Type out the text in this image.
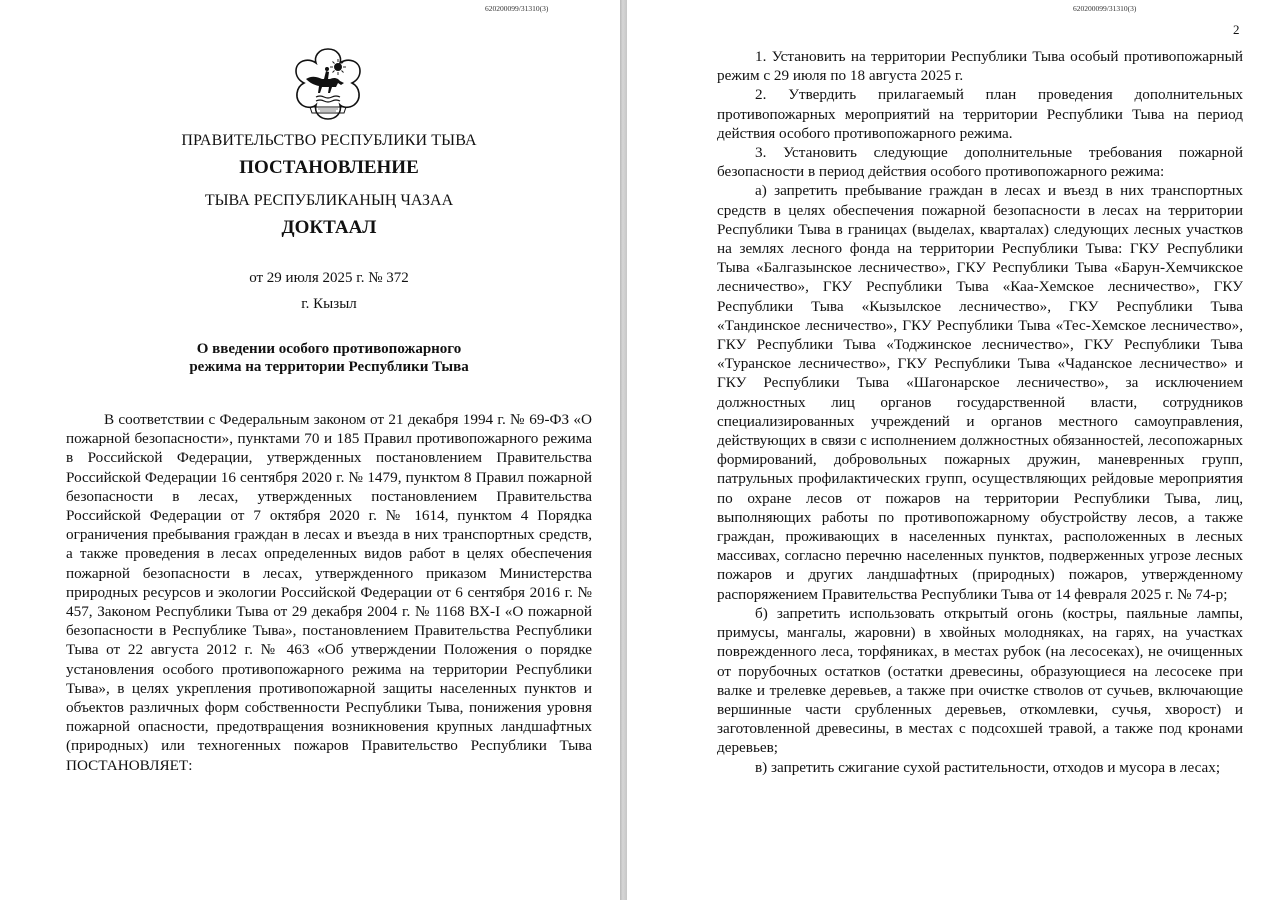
620200099/31310(3)
ПРАВИТЕЛЬСТВО РЕСПУБЛИКИ ТЫВА
ПОСТАНОВЛЕНИЕ
ТЫВА РЕСПУБЛИКАНЫҢ ЧАЗАА
ДОКТААЛ
от 29 июля 2025 г. № 372
г. Кызыл
О введении особого противопожарного
режима на территории Республики Тыва
В соответствии с Федеральным законом от 21 декабря 1994 г. № 69-ФЗ «О пожарной безопасности», пунктами 70 и 185 Правил противопожарного режима в Российской Федерации, утвержденных постановлением Правительства Российской Федерации 16 сентября 2020 г. № 1479, пунктом 8 Правил пожарной безопасности в лесах, утвержденных постановлением Правительства Российской Федерации от 7 октября 2020 г. № 1614, пунктом 4 Порядка ограничения пребывания граждан в лесах и въезда в них транспортных средств, а также проведения в лесах определенных видов работ в целях обеспечения пожарной безопасности в лесах, утвержденного приказом Министерства природных ресурсов и экологии Российской Федерации от 6 сентября 2016 г. № 457, Законом Республики Тыва от 29 декабря 2004 г. № 1168 ВХ-I «О пожарной безопасности в Республике Тыва», постановлением Правительства Республики Тыва от 22 августа 2012 г. № 463 «Об утверждении Положения о порядке установления особого противопожарного режима на территории Республики Тыва», в целях укрепления противопожарной защиты населенных пунктов и объектов различных форм собственности Республики Тыва, понижения уровня пожарной опасности, предотвращения возникновения крупных ландшафтных (природных) или техногенных пожаров Правительство Республики Тыва ПОСТАНОВЛЯЕТ:
620200099/31310(3)
2

1. Установить на территории Республики Тыва особый противопожарный режим с 29 июля по 18 августа 2025 г.

2. Утвердить прилагаемый план проведения дополнительных противопожарных мероприятий на территории Республики Тыва на период действия особого противопожарного режима.

3. Установить следующие дополнительные требования пожарной безопасности в период действия особого противопожарного режима:

а) запретить пребывание граждан в лесах и въезд в них транспортных средств в целях обеспечения пожарной безопасности в лесах на территории Республики Тыва в границах (выделах, кварталах) следующих лесных участков на землях лесного фонда на территории Республики Тыва: ГКУ Республики Тыва «Балгазынское лесничество», ГКУ Республики Тыва «Барун-Хемчикское лесничество», ГКУ Республики Тыва «Каа-Хемское лесничество», ГКУ Республики Тыва «Кызылское лесничество», ГКУ Республики Тыва «Тандинское лесничество», ГКУ Республики Тыва «Тес-Хемское лесничество», ГКУ Республики Тыва «Тоджинское лесничество», ГКУ Республики Тыва «Туранское лесничество», ГКУ Республики Тыва «Чаданское лесничество» и ГКУ Республики Тыва «Шагонарское лесничество», за исключением должностных лиц органов государственной власти, сотрудников специализированных учреждений и органов местного самоуправления, действующих в связи с исполнением должностных обязанностей, лесопожарных формирований, добровольных пожарных дружин, маневренных групп, патрульных профилактических групп, осуществляющих рейдовые мероприятия по охране лесов от пожаров на территории Республики Тыва, лиц, выполняющих работы по противопожарному обустройству лесов, а также граждан, проживающих в населенных пунктах, расположенных в лесных массивах, согласно перечню населенных пунктов, подверженных угрозе лесных пожаров и других ландшафтных (природных) пожаров, утвержденному распоряжением Правительства Республики Тыва от 14 февраля 2025 г. № 74-р;

б) запретить использовать открытый огонь (костры, паяльные лампы, примусы, мангалы, жаровни) в хвойных молодняках, на гарях, на участках поврежденного леса, торфяниках, в местах рубок (на лесосеках), не очищенных от порубочных остатков (остатки древесины, образующиеся на лесосеке при валке и трелевке деревьев, а также при очистке стволов от сучьев, включающие вершинные части срубленных деревьев, откомлевки, сучья, хворост) и заготовленной древесины, в местах с подсохшей травой, а также под кронами деревьев;

в) запретить сжигание сухой растительности, отходов и мусора в лесах;
